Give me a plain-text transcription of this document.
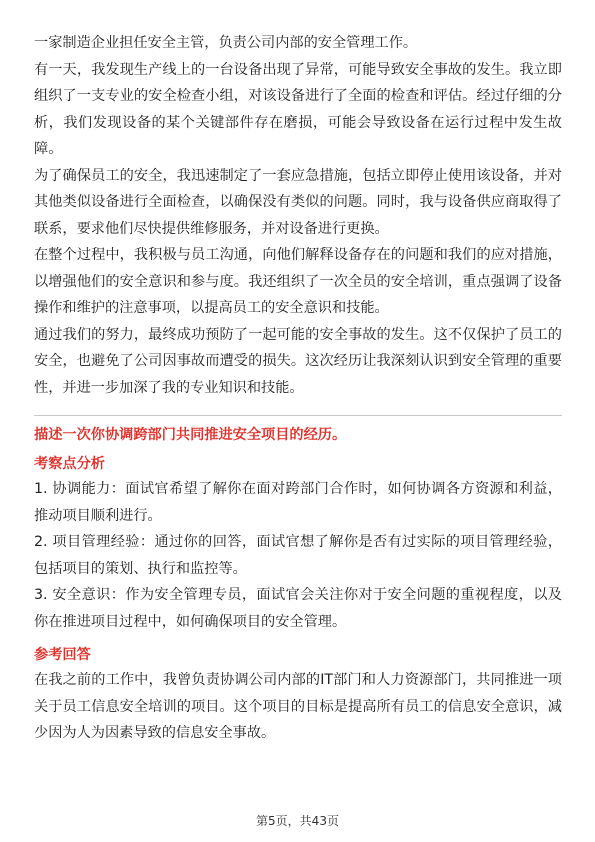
一家制造企业担任安全主管，负责公司内部的安全管理工作。

有一天，我发现生产线上的一台设备出现了异常，可能导致安全事故的发生。我立即组织了一支专业的安全检查小组，对该设备进行了全面的检查和评估。经过仔细的分析，我们发现设备的某个关键部件存在磨损，可能会导致设备在运行过程中发生故障。

为了确保员工的安全，我迅速制定了一套应急措施，包括立即停止使用该设备，并对其他类似设备进行全面检查，以确保没有类似的问题。同时，我与设备供应商取得了联系，要求他们尽快提供维修服务，并对设备进行更换。

在整个过程中，我积极与员工沟通，向他们解释设备存在的问题和我们的应对措施，以增强他们的安全意识和参与度。我还组织了一次全员的安全培训，重点强调了设备操作和维护的注意事项，以提高员工的安全意识和技能。

通过我们的努力，最终成功预防了一起可能的安全事故的发生。这不仅保护了员工的安全，也避免了公司因事故而遭受的损失。这次经历让我深刻认识到安全管理的重要性，并进一步加深了我的专业知识和技能。

描述一次你协调跨部门共同推进安全项目的经历。

考察点分析

1. 协调能力：面试官希望了解你在面对跨部门合作时，如何协调各方资源和利益，推动项目顺利进行。

2. 项目管理经验：通过你的回答，面试官想了解你是否有过实际的项目管理经验，包括项目的策划、执行和监控等。

3. 安全意识：作为安全管理专员，面试官会关注你对于安全问题的重视程度，以及你在推进项目过程中，如何确保项目的安全管理。

参考回答

在我之前的工作中，我曾负责协调公司内部的IT部门和人力资源部门，共同推进一项关于员工信息安全培训的项目。这个项目的目标是提高所有员工的信息安全意识，减少因为人为因素导致的信息安全事故。

第5页，共43页
